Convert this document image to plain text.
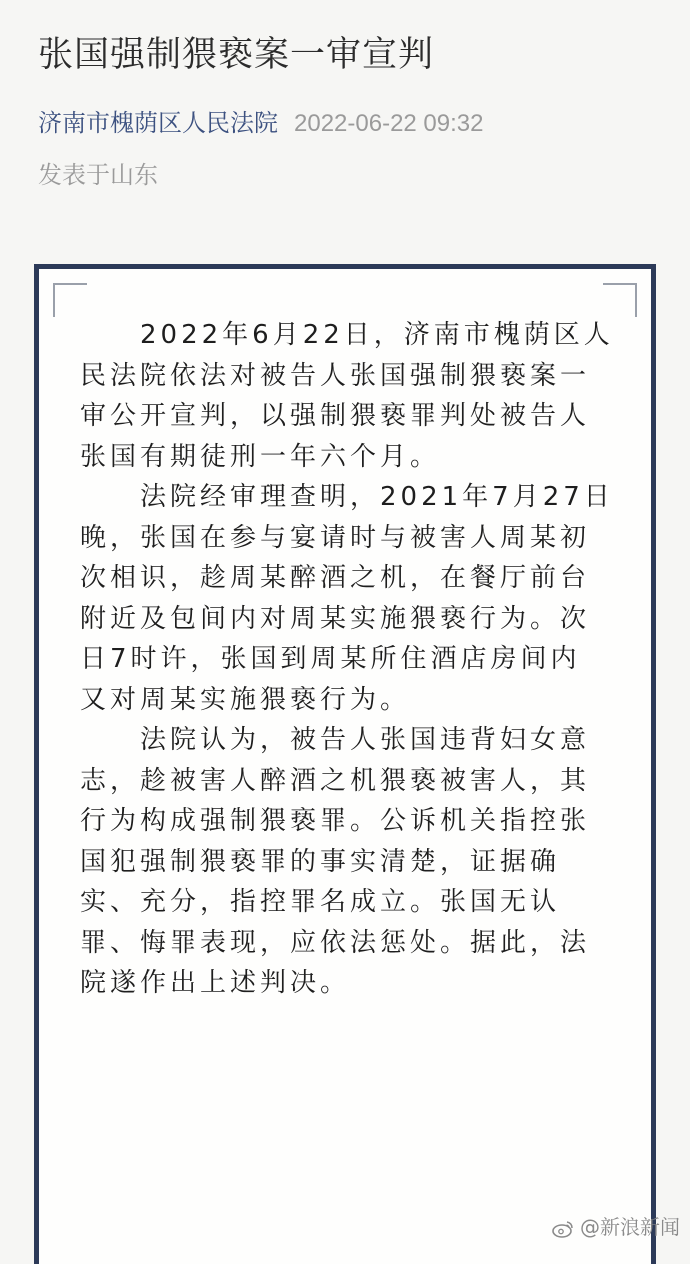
张国强制猥亵案一审宣判
济南市槐荫区人民法院 2022-06-22 09:32
发表于山东

2022年6月22日，济南市槐荫区人
民法院依法对被告人张国强制猥亵案一
审公开宣判，以强制猥亵罪判处被告人
张国有期徒刑一年六个月。

法院经审理查明，2021年7月27日
晚，张国在参与宴请时与被害人周某初
次相识，趁周某醉酒之机，在餐厅前台
附近及包间内对周某实施猥亵行为。次
日7时许，张国到周某所住酒店房间内
又对周某实施猥亵行为。

法院认为，被告人张国违背妇女意
志，趁被害人醉酒之机猥亵被害人，其
行为构成强制猥亵罪。公诉机关指控张
国犯强制猥亵罪的事实清楚，证据确
实、充分，指控罪名成立。张国无认
罪、悔罪表现，应依法惩处。据此，法
院遂作出上述判决。

@新浪新闻
